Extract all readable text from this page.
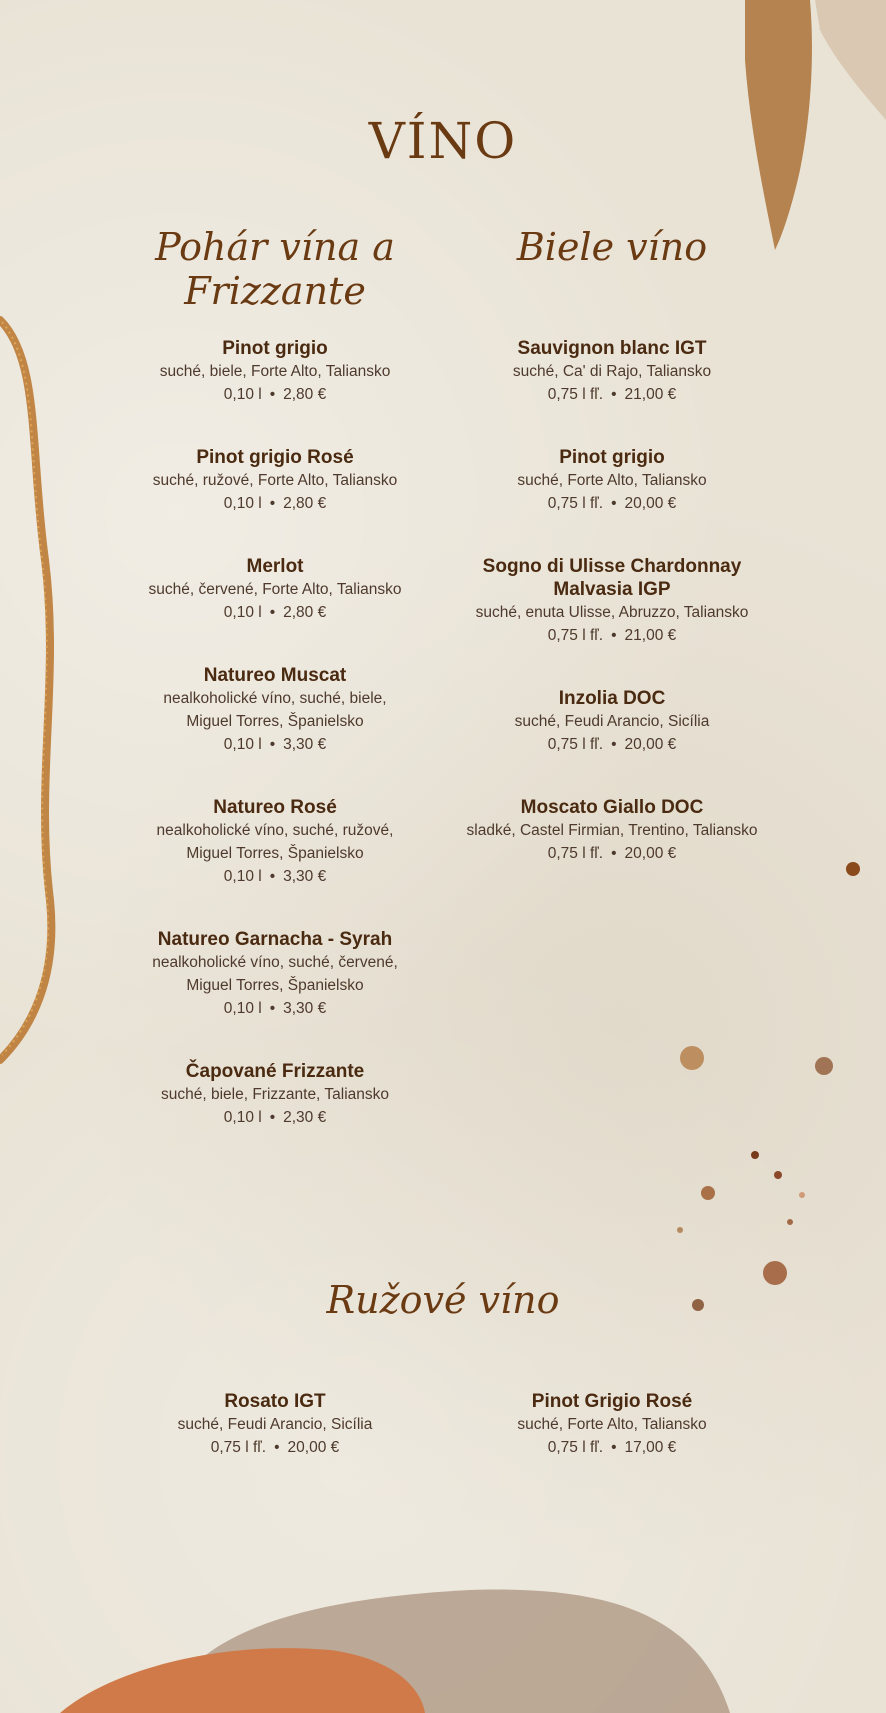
VÍNO
Pohár vína a Frizzante
Biele víno
Pinot grigio
suché, biele, Forte Alto, Taliansko
0,10 l • 2,80 €
Pinot grigio Rosé
suché, ružové, Forte Alto, Taliansko
0,10 l • 2,80 €
Merlot
suché, červené, Forte Alto, Taliansko
0,10 l • 2,80 €
Natureo Muscat
nealkoholické víno, suché, biele,
Miguel Torres, Španielsko
0,10 l • 3,30 €
Natureo Rosé
nealkoholické víno, suché, ružové,
Miguel Torres, Španielsko
0,10 l • 3,30 €
Natureo Garnacha - Syrah
nealkoholické víno, suché, červené,
Miguel Torres, Španielsko
0,10 l • 3,30 €
Čapované Frizzante
suché, biele, Frizzante, Taliansko
0,10 l • 2,30 €
Sauvignon blanc IGT
suché, Ca' di Rajo, Taliansko
0,75 l fľ. • 21,00 €
Pinot grigio
suché, Forte Alto, Taliansko
0,75 l fľ. • 20,00 €
Sogno di Ulisse Chardonnay Malvasia IGP
suché, enuta Ulisse, Abruzzo, Taliansko
0,75 l fľ. • 21,00 €
Inzolia DOC
suché, Feudi Arancio, Sicília
0,75 l fľ. • 20,00 €
Moscato Giallo DOC
sladké, Castel Firmian, Trentino, Taliansko
0,75 l fľ. • 20,00 €
Ružové víno
Rosato IGT
suché, Feudi Arancio, Sicília
0,75 l fľ. • 20,00 €
Pinot Grigio Rosé
suché, Forte Alto, Taliansko
0,75 l fľ. • 17,00 €
